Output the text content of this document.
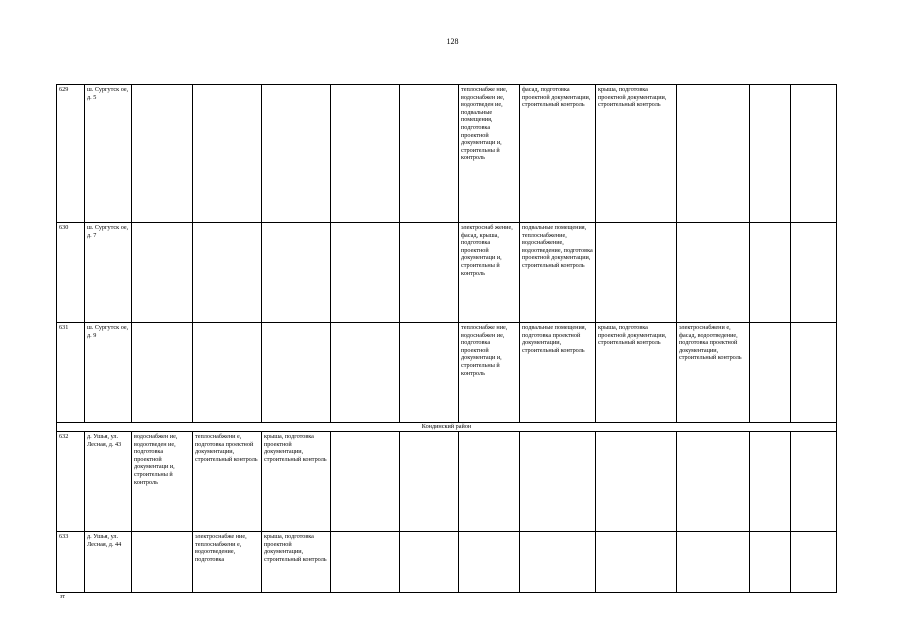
128
629	ш. Сургутск ое, д. 5						теплоснабже ние, водоснабжен ие, водоотведен ие, подвальные помещения, подготовка проектной документаци и, строительны й контроль	фасад, подготовка проектной документации, строительный контроль	крыша, подготовка проектной документации, строительный контроль			
630	ш. Сургутск ое, д. 7						электроснаб жение, фасад, крыша, подготовка проектной документаци и, строительны й контроль	подвальные помещения, теплоснабжение, водоснабжение, водоотведение, подготовка проектной документации, строительный контроль				
631	ш. Сургутск ое, д. 9						теплоснабже ние, водоснабжен ие, подготовка проектной документаци и, строительны й контроль	подвальные помещения, подготовка проектной документации, строительный контроль	крыша, подготовка проектной документации, строительный контроль	электроснабжени е, фасад, водоотведение, подготовка проектной документации, строительный контроль		
Кондинский район												
632	д. Ушья, ул. Лесная, д. 43	водоснабжен ие, водоотведен ие, подготовка проектной документаци и, строительны й контроль	теплоснабжени е, подготовка проектной документации, строительный контроль	крыша, подготовка проектной документации, строительный контроль								
633	д. Ушья, ул. Лесная, д. 44		электроснабже ние, теплоснабжени е, водоотведение, подготовка	крыша, подготовка проектной документации, строительный контроль								
зт
